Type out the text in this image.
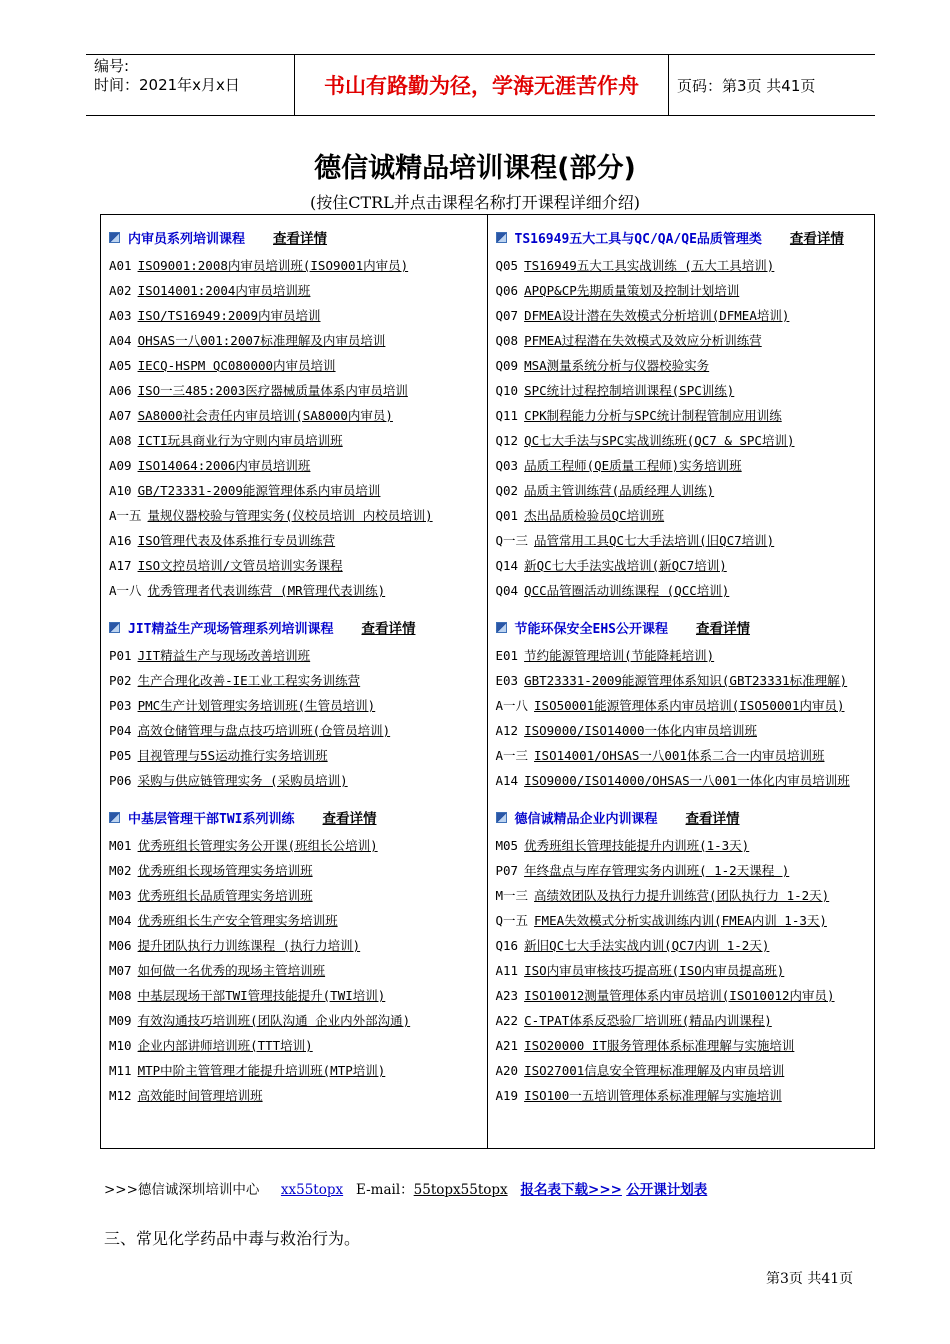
编号:
时间：2021年x月x日	书山有路勤为径，学海无涯苦作舟	页码：第3页 共41页
德信诚精品培训课程(部分)
(按住CTRL并点击课程名称打开课程详细介绍)
内审员系列培训课程 查看详情
A01 ISO9001:2008内审员培训班(ISO9001内审员)
A02 ISO14001:2004内审员培训班
A03 ISO/TS16949:2009内审员培训
A04 OHSAS一八001:2007标准理解及内审员培训
A05 IECQ-HSPM QC080000内审员培训
A06 ISO一三485:2003医疗器械质量体系内审员培训
A07 SA8000社会责任内审员培训(SA8000内审员)
A08 ICTI玩具商业行为守则内审员培训班
A09 ISO14064:2006内审员培训班
A10 GB/T23331-2009能源管理体系内审员培训
A一五 量规仪器校验与管理实务(仪校员培训 内校员培训)
A16 ISO管理代表及体系推行专员训练营
A17 ISO文控员培训/文管员培训实务课程
A一八 优秀管理者代表训练营 (MR管理代表训练)
JIT精益生产现场管理系列培训课程 查看详情
P01 JIT精益生产与现场改善培训班
P02 生产合理化改善-IE工业工程实务训练营
P03 PMC生产计划管理实务培训班(生管员培训)
P04 高效仓储管理与盘点技巧培训班(仓管员培训)
P05 目视管理与5S运动推行实务培训班
P06 采购与供应链管理实务 (采购员培训)
中基层管理干部TWI系列训练 查看详情
M01 优秀班组长管理实务公开课(班组长公培训)
M02 优秀班组长现场管理实务培训班
M03 优秀班组长品质管理实务培训班
M04 优秀班组长生产安全管理实务培训班
M06 提升团队执行力训练课程 (执行力培训)
M07 如何做一名优秀的现场主管培训班
M08 中基层现场干部TWI管理技能提升(TWI培训)
M09 有效沟通技巧培训班(团队沟通 企业内外部沟通)
M10 企业内部讲师培训班(TTT培训)
M11 MTP中阶主管管理才能提升培训班(MTP培训)
M12 高效能时间管理培训班
TS16949五大工具与QC/QA/QE品质管理类 查看详情
Q05 TS16949五大工具实战训练 (五大工具培训)
Q06 APQP&CP先期质量策划及控制计划培训
Q07 DFMEA设计潜在失效模式分析培训(DFMEA培训)
Q08 PFMEA过程潜在失效模式及效应分析训练营
Q09 MSA测量系统分析与仪器校验实务
Q10 SPC统计过程控制培训课程(SPC训练)
Q11 CPK制程能力分析与SPC统计制程管制应用训练
Q12 QC七大手法与SPC实战训练班(QC7 & SPC培训)
Q03 品质工程师(QE质量工程师)实务培训班
Q02 品质主管训练营(品质经理人训练)
Q01 杰出品质检验员QC培训班
Q一三 品管常用工具QC七大手法培训(旧QC7培训)
Q14 新QC七大手法实战培训(新QC7培训)
Q04 QCC品管圈活动训练课程 (QCC培训)
节能环保安全EHS公开课程 查看详情
E01 节约能源管理培训(节能降耗培训)
E03 GBT23331-2009能源管理体系知识(GBT23331标准理解)
A一八 ISO50001能源管理体系内审员培训(ISO50001内审员)
A12 ISO9000/ISO14000一体化内审员培训班
A一三 ISO14001/OHSAS一八001体系二合一内审员培训班
A14 ISO9000/ISO14000/OHSAS一八001一体化内审员培训班
德信诚精品企业内训课程 查看详情
M05 优秀班组长管理技能提升内训班(1-3天)
P07 年终盘点与库存管理实务内训班( 1-2天课程 )
M一三 高绩效团队及执行力提升训练营(团队执行力 1-2天)
Q一五 FMEA失效模式分析实战训练内训(FMEA内训 1-3天)
Q16 新旧QC七大手法实战内训(QC7内训 1-2天)
A11 ISO内审员审核技巧提高班(ISO内审员提高班)
A23 ISO10012测量管理体系内审员培训(ISO10012内审员)
A22 C-TPAT体系反恐验厂培训班(精品内训课程)
A21 ISO20000 IT服务管理体系标准理解与实施培训
A20 ISO27001信息安全管理标准理解及内审员培训
A19 ISO100一五培训管理体系标准理解与实施培训
>>>德信诚深圳培训中心 xx55topx E-mail：55topx55topx 报名表下载>>> 公开课计划表
三、常见化学药品中毒与救治行为。
第3页 共41页
